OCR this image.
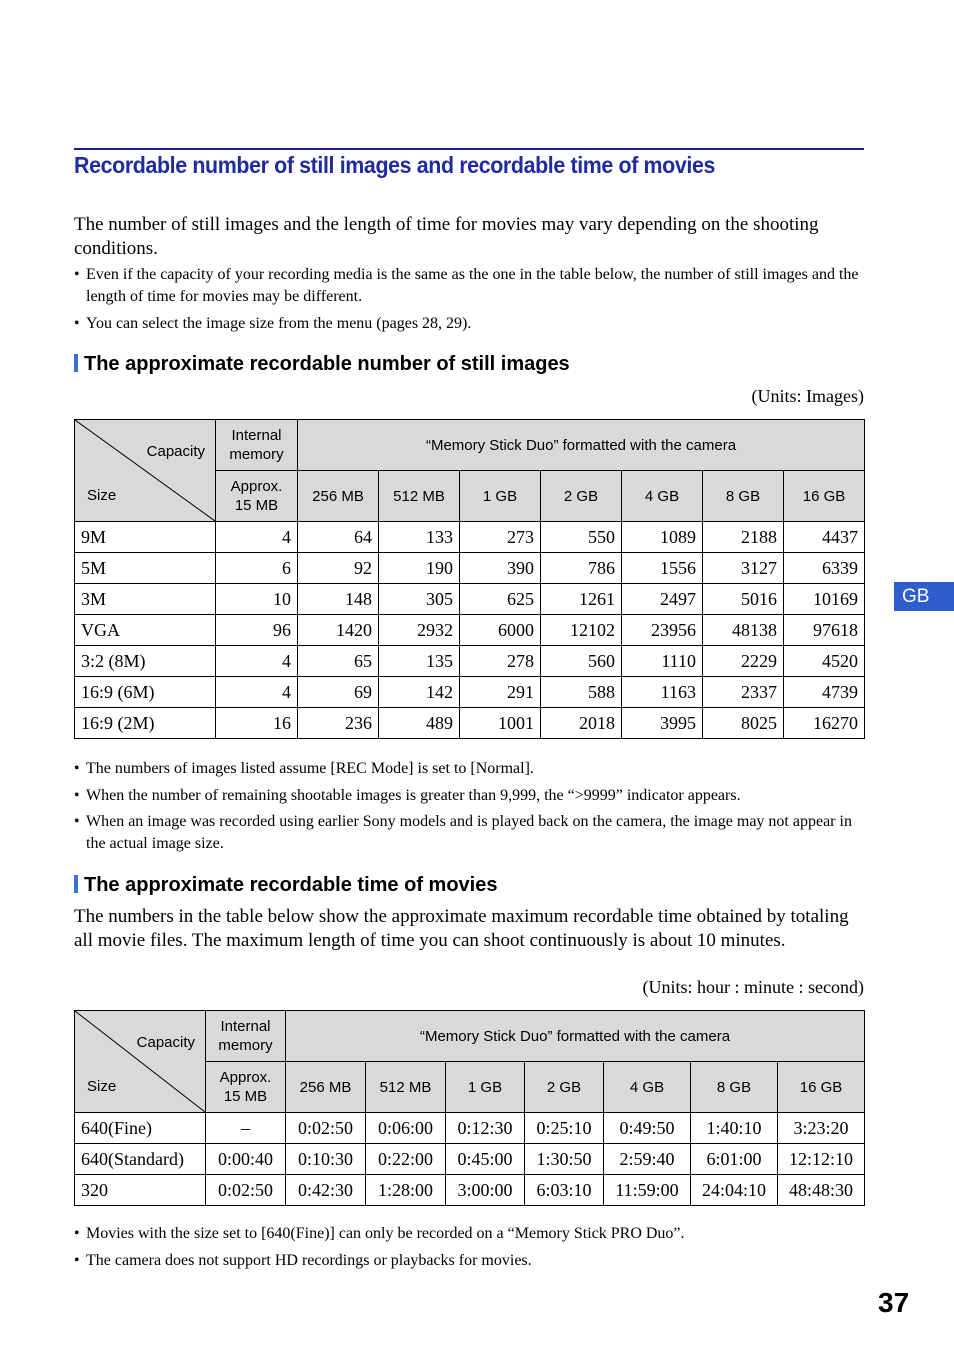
Recordable number of still images and recordable time of movies
The number of still images and the length of time for movies may vary depending on the shooting conditions.
• Even if the capacity of your recording media is the same as the one in the table below, the number of still images and the length of time for movies may be different.
• You can select the image size from the menu (pages 28, 29).
The approximate recordable number of still images
(Units: Images)
Capacity
Size	Internal memory	“Memory Stick Duo” formatted with the camera						
	Approx. 15 MB	256 MB	512 MB	1 GB	2 GB	4 GB	8 GB	16 GB
9M	4	64	133	273	550	1089	2188	4437
5M	6	92	190	390	786	1556	3127	6339
3M	10	148	305	625	1261	2497	5016	10169
VGA	96	1420	2932	6000	12102	23956	48138	97618
3:2 (8M)	4	65	135	278	560	1110	2229	4520
16:9 (6M)	4	69	142	291	588	1163	2337	4739
16:9 (2M)	16	236	489	1001	2018	3995	8025	16270
• The numbers of images listed assume [REC Mode] is set to [Normal].
• When the number of remaining shootable images is greater than 9,999, the “>9999” indicator appears.
• When an image was recorded using earlier Sony models and is played back on the camera, the image may not appear in the actual image size.
The approximate recordable time of movies
The numbers in the table below show the approximate maximum recordable time obtained by totaling all movie files. The maximum length of time you can shoot continuously is about 10 minutes.
(Units: hour : minute : second)
Capacity
Size	Internal memory	“Memory Stick Duo” formatted with the camera						
	Approx. 15 MB	256 MB	512 MB	1 GB	2 GB	4 GB	8 GB	16 GB
640(Fine)	–	0:02:50	0:06:00	0:12:30	0:25:10	0:49:50	1:40:10	3:23:20
640(Standard)	0:00:40	0:10:30	0:22:00	0:45:00	1:30:50	2:59:40	6:01:00	12:12:10
320	0:02:50	0:42:30	1:28:00	3:00:00	6:03:10	11:59:00	24:04:10	48:48:30
• Movies with the size set to [640(Fine)] can only be recorded on a “Memory Stick PRO Duo”.
• The camera does not support HD recordings or playbacks for movies.
GB
37
